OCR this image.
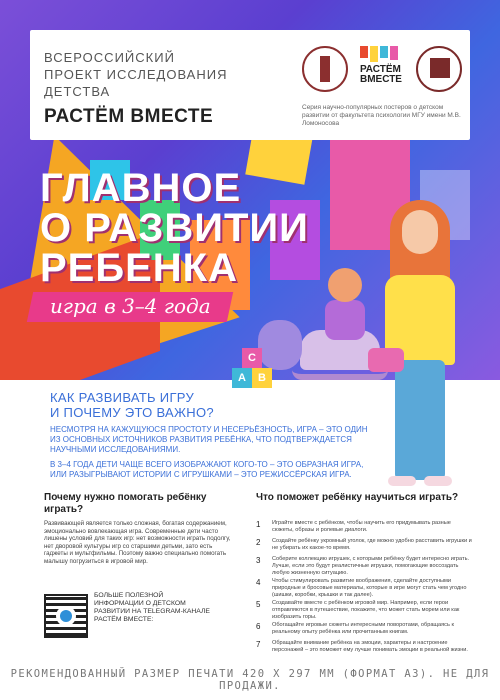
ВСЕРОССИЙСКИЙ
ПРОЕКТ ИССЛЕДОВАНИЯ
ДЕТСТВА
РАСТЁМ ВМЕСТЕ
РАСТЁМ
ВМЕСТЕ
Серия научно-популярных постеров о детском развитии от факультета психологии МГУ имени М.В. Ломоносова
ГЛАВНОЕ
О РАЗВИТИИ
РЕБЕНКА
игра в 3–4 года
A	B
C
КАК РАЗВИВАТЬ ИГРУ
И ПОЧЕМУ ЭТО ВАЖНО?
НЕСМОТРЯ НА КАЖУЩУЮСЯ ПРОСТОТУ И НЕСЕРЬЁЗНОСТЬ, ИГРА – ЭТО ОДИН ИЗ ОСНОВНЫХ ИСТОЧНИКОВ РАЗВИТИЯ РЕБЁНКА, ЧТО ПОДТВЕРЖДАЕТСЯ НАУЧНЫМИ ИССЛЕДОВАНИЯМИ.
В 3–4 ГОДА ДЕТИ ЧАЩЕ ВСЕГО ИЗОБРАЖАЮТ КОГО-ТО – ЭТО ОБРАЗНАЯ ИГРА, ИЛИ РАЗЫГРЫВАЮТ ИСТОРИИ С ИГРУШКАМИ – ЭТО РЕЖИССЁРСКАЯ ИГРА.
Почему нужно помогать ребёнку играть?
Развивающей является только сложная, богатая содержанием, эмоционально вовлекающая игра. Современные дети часто лишены условий для таких игр: нет возможности играть подолгу, нет дворовой культуры игр со старшими детьми, зато есть гаджеты и мультфильмы. Поэтому важно специально помогать малышу погрузиться в игровой мир.
БОЛЬШЕ ПОЛЕЗНОЙ ИНФОРМАЦИИ О ДЕТСКОМ РАЗВИТИИ НА TELEGRAM-КАНАЛЕ РАСТЁМ ВМЕСТЕ:
Что поможет ребёнку научиться играть?
1	Играйте вместе с ребёнком, чтобы научить его придумывать разные сюжеты, образы и ролевые диалоги.
2	Создайте ребёнку укромный уголок, где можно удобно расставить игрушки и не убирать их какое-то время.
3	Соберите коллекцию игрушек, с которыми ребёнку будет интересно играть. Лучше, если это будут реалистичные игрушки, помогающие воссоздать любую жизненную ситуацию.
4	Чтобы стимулировать развитие воображения, сделайте доступными природные и бросовые материалы, которые в игре могут стать чем угодно (шишки, коробки, крышки и так далее).
5	Создавайте вместе с ребёнком игровой мир. Например, если герои отправляются в путешествие, покажите, что может стать морем или как изобразить горы.
6	Обогащайте игровые сюжеты интересными поворотами, обращаясь к реальному опыту ребёнка или прочитанным книгам.
7	Обращайте внимание ребёнка на эмоции, характеры и настроение персонажей – это поможет ему лучше понимать эмоции в реальной жизни.
РЕКОМЕНДОВАННЫЙ РАЗМЕР ПЕЧАТИ 420 Х 297 ММ (ФОРМАТ А3). НЕ ДЛЯ ПРОДАЖИ.
